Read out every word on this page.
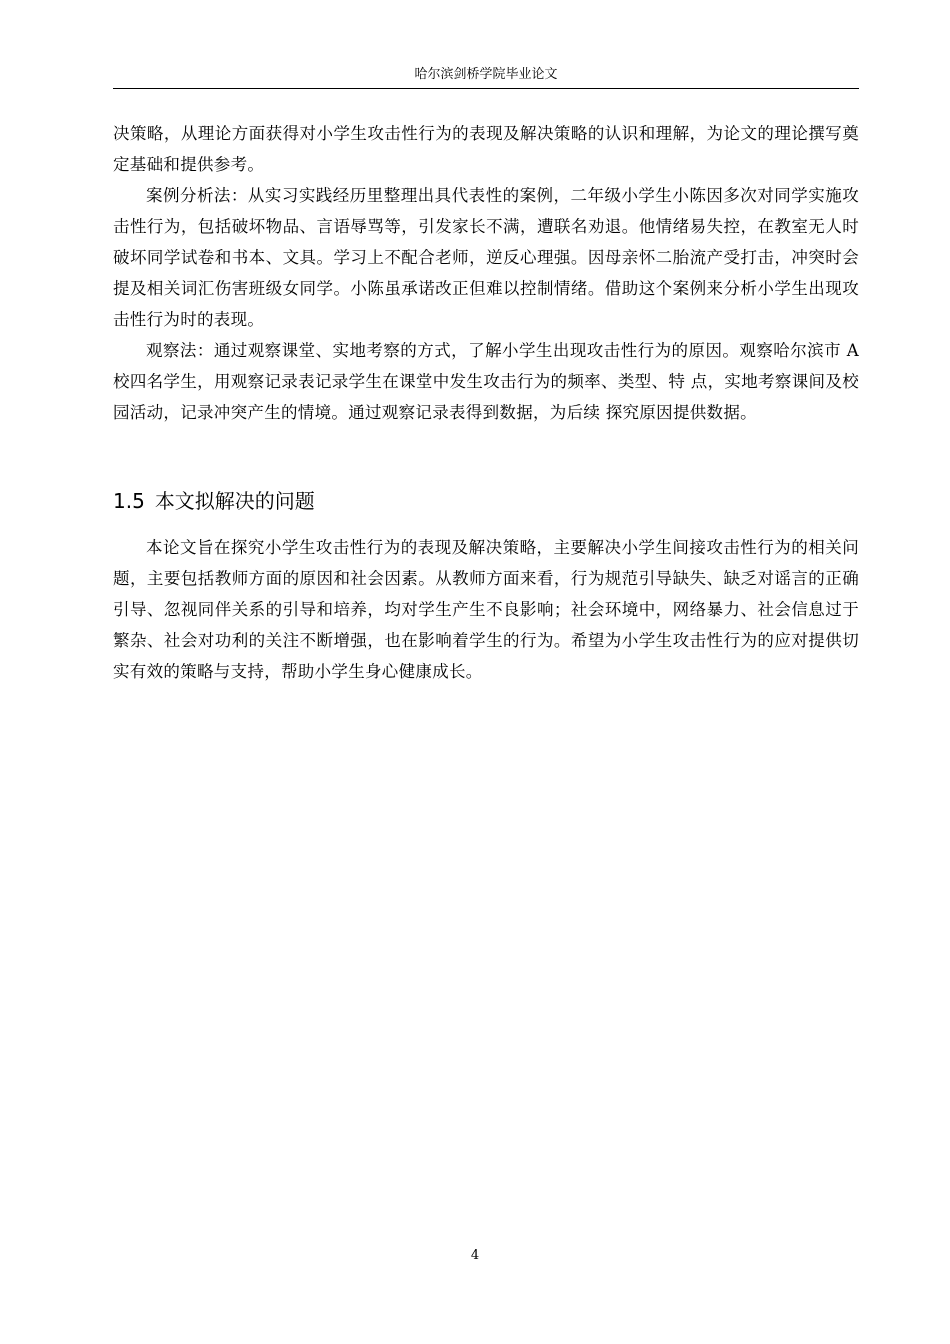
哈尔滨剑桥学院毕业论文

决策略，从理论方面获得对小学生攻击性行为的表现及解决策略的认识和理解，为论文的理论撰写奠定基础和提供参考。

案例分析法：从实习实践经历里整理出具代表性的案例，二年级小学生小陈因多次对同学实施攻击性行为，包括破坏物品、言语辱骂等，引发家长不满，遭联名劝退。他情绪易失控，在教室无人时破坏同学试卷和书本、文具。学习上不配合老师，逆反心理强。因母亲怀二胎流产受打击，冲突时会提及相关词汇伤害班级女同学。小陈虽承诺改正但难以控制情绪。借助这个案例来分析小学生出现攻击性行为时的表现。

观察法：通过观察课堂、实地考察的方式，了解小学生出现攻击性行为的原因。观察哈尔滨市 A 校四名学生，用观察记录表记录学生在课堂中发生攻击行为的频率、类型、特 点，实地考察课间及校园活动，记录冲突产生的情境。通过观察记录表得到数据，为后续 探究原因提供数据。

1.5 本文拟解决的问题

本论文旨在探究小学生攻击性行为的表现及解决策略，主要解决小学生间接攻击性行为的相关问题，主要包括教师方面的原因和社会因素。从教师方面来看，行为规范引导缺失、缺乏对谣言的正确引导、忽视同伴关系的引导和培养，均对学生产生不良影响；社会环境中，网络暴力、社会信息过于繁杂、社会对功利的关注不断增强，也在影响着学生的行为。希望为小学生攻击性行为的应对提供切实有效的策略与支持，帮助小学生身心健康成长。

4
